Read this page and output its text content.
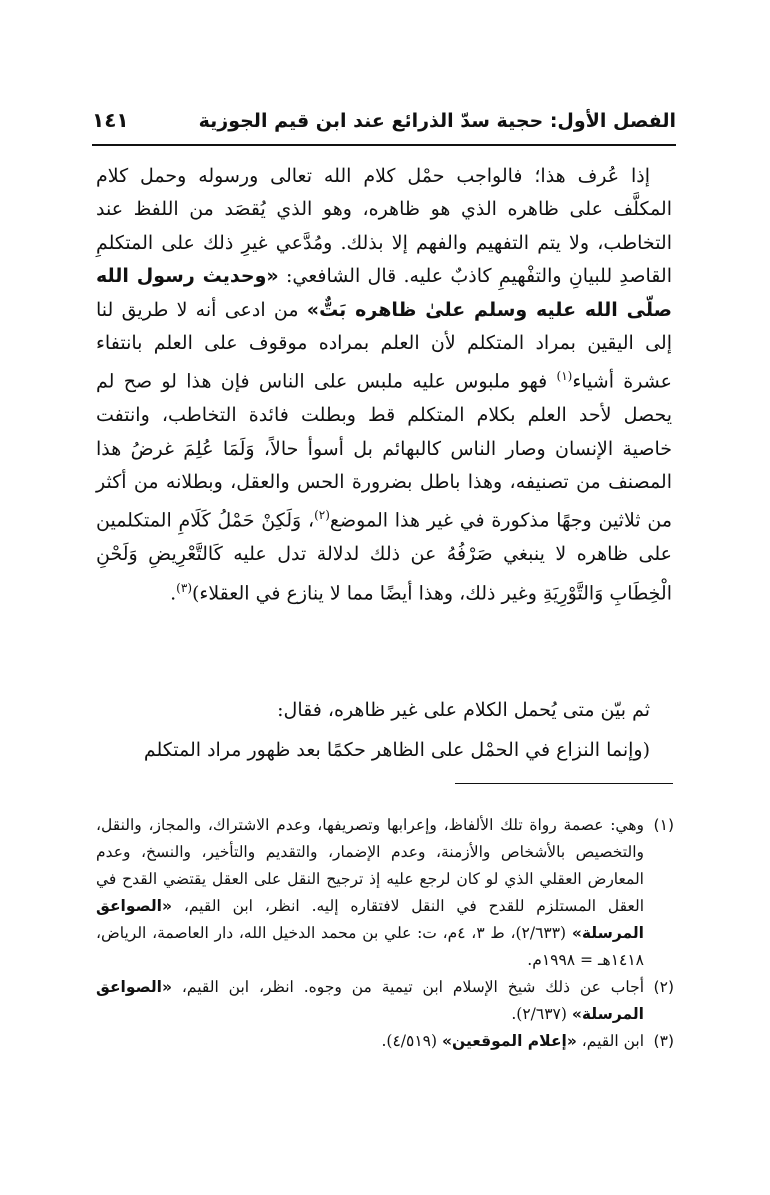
الفصل الأول: حجية سدّ الذرائع عند ابن قيم الجوزية
١٤١

إذا عُرف هذا؛ فالواجب حمْل كلام الله تعالى ورسوله وحمل كلام المكلَّف على ظاهره الذي هو ظاهره، وهو الذي يُقصَد من اللفظ عند التخاطب، ولا يتم التفهيم والفهم إلا بذلك. ومُدَّعي غيرِ ذلك على المتكلمِ القاصدِ للبيانِ والتفْهيمِ كاذبٌ عليه. قال الشافعي: «وحديث رسول الله صلّى الله عليه وسلم علىٰ ظاهره بَتٌّ» من ادعى أنه لا طريق لنا إلى اليقين بمراد المتكلم لأن العلم بمراده موقوف على العلم بانتفاء عشرة أشياء$^{(١)}$ فهو ملبوس عليه ملبس على الناس فإن هذا لو صح لم يحصل لأحد العلم بكلام المتكلم قط وبطلت فائدة التخاطب، وانتفت خاصية الإنسان وصار الناس كالبهائم بل أسوأ حالاً، وَلَمَا عُلِمَ غرضُ هذا المصنف من تصنيفه، وهذا باطل بضرورة الحس والعقل، وبطلانه من أكثر من ثلاثين وجهًا مذكورة في غير هذا الموضع$^{(٢)}$، وَلَكِنْ حَمْلُ كَلَامِ المتكلمين على ظاهره لا ينبغي صَرْفُهُ عن ذلك لدلالة تدل عليه كَالتَّعْرِيضِ وَلَحْنِ الْخِطَابِ وَالتَّوْرِيَةِ وغير ذلك، وهذا أيضًا مما لا ينازع في العقلاء)$^{(٣)}$.

ثم بيّن متى يُحمل الكلام على غير ظاهره، فقال:
(وإنما النزاع في الحمْل على الظاهر حكمًا بعد ظهور مراد المتكلم
(١)
وهي: عصمة رواة تلك الألفاظ، وإعرابها وتصريفها، وعدم الاشتراك، والمجاز، والنقل، والتخصيص بالأشخاص والأزمنة، وعدم الإضمار، والتقديم والتأخير، والنسخ، وعدم المعارض العقلي الذي لو كان لرجع عليه إذ ترجيح النقل على العقل يقتضي القدح في العقل المستلزم للقدح في النقل لافتقاره إليه. انظر، ابن القيم، «الصواعق المرسلة» (٢/٦٣٣)، ط ٣، ٤م، ت: علي بن محمد الدخيل الله، دار العاصمة، الرياض، ١٤١٨هـ = ١٩٩٨م.
(٢)
أجاب عن ذلك شيخ الإسلام ابن تيمية من وجوه. انظر، ابن القيم، «الصواعق المرسلة» (٢/٦٣٧).
(٣)
ابن القيم، «إعلام الموقعين» (٤/٥١٩).
